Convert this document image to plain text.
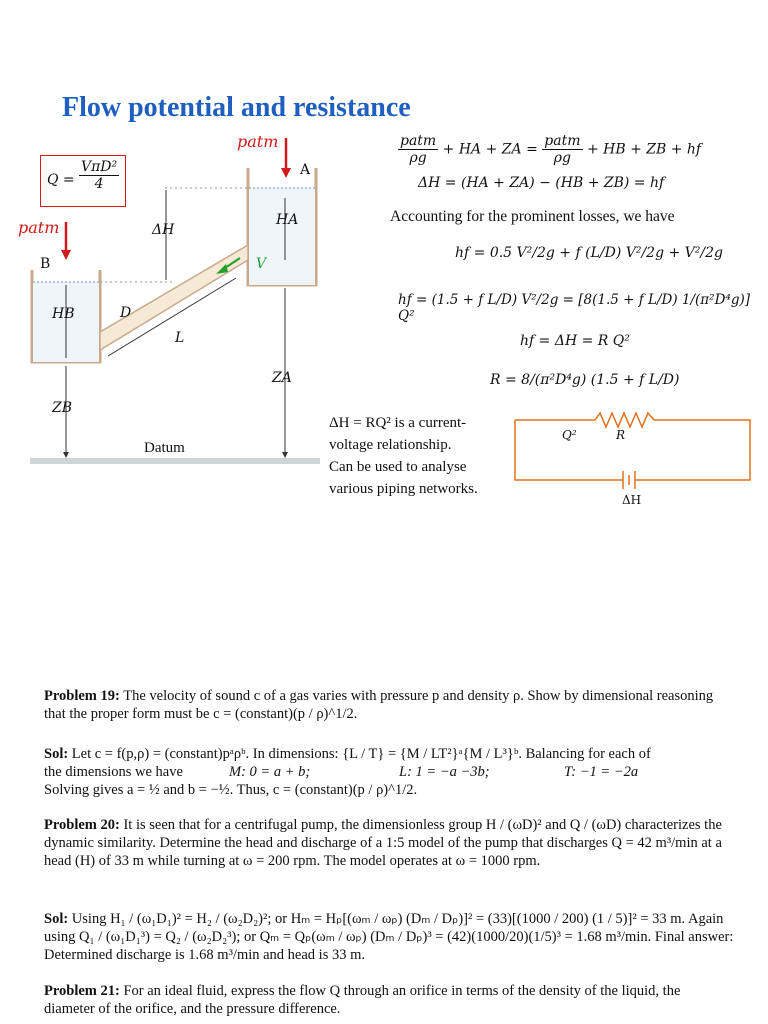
Flow potential and resistance
patm
patm
Q =
VπD²
4
A
B
HA
HB
ΔH
V
D
L
ZA
ZB
Datum
$\frac{\text{patm}}{\rho g}$ + HA + ZA = $\frac{\text{patm}}{\rho g}$ + HB + ZB + hf
ΔH = (HA + ZA) − (HB + ZB) = hf
Accounting for the prominent losses, we have
hf = 0.5 V²/2g + f (L/D) V²/2g + V²/2g
hf = (1.5 + f L/D) V²/2g = [8(1.5 + f L/D) 1/(π²D⁴g)] Q²
hf = ΔH = R Q²
R = 8/(π²D⁴g) (1.5 + f L/D)
ΔH = RQ² is a current-
voltage relationship.
Can be used to analyse
various piping networks.
Q²	R
ΔH
Problem 19: The velocity of sound c of a gas varies with pressure p and density ρ. Show by dimensional reasoning that the proper form must be c = (constant)(p / ρ)^1/2.
Sol: Let c = f(p,ρ) = (constant)pᵃρᵇ. In dimensions: {L / T} = {M / LT²}ᵃ{M / L³}ᵇ. Balancing for each of
the dimensions we have	M: 0 = a + b;	L: 1 = −a −3b;	T: −1 = −2a
Solving gives a = ½ and b = −½. Thus, c = (constant)(p / ρ)^1/2.
Problem 20: It is seen that for a centrifugal pump, the dimensionless group H / (ωD)² and Q / (ωD) characterizes the dynamic similarity. Determine the head and discharge of a 1:5 model of the pump that discharges Q = 42 m³/min at a head (H) of 33 m while turning at ω = 200 rpm. The model operates at ω = 1000 rpm.
Sol: Using H₁ / (ω₁D₁)² = H₂ / (ω₂D₂)²; or Hₘ = Hₚ[(ωₘ / ωₚ) (Dₘ / Dₚ)]² = (33)[(1000 / 200) (1 / 5)]² = 33 m. Again using Q₁ / (ω₁D₁³) = Q₂ / (ω₂D₂³); or Qₘ = Qₚ(ωₘ / ωₚ) (Dₘ / Dₚ)³ = (42)(1000/20)(1/5)³ = 1.68 m³/min. Final answer: Determined discharge is 1.68 m³/min and head is 33 m.
Problem 21: For an ideal fluid, express the flow Q through an orifice in terms of the density of the liquid, the diameter of the orifice, and the pressure difference.
